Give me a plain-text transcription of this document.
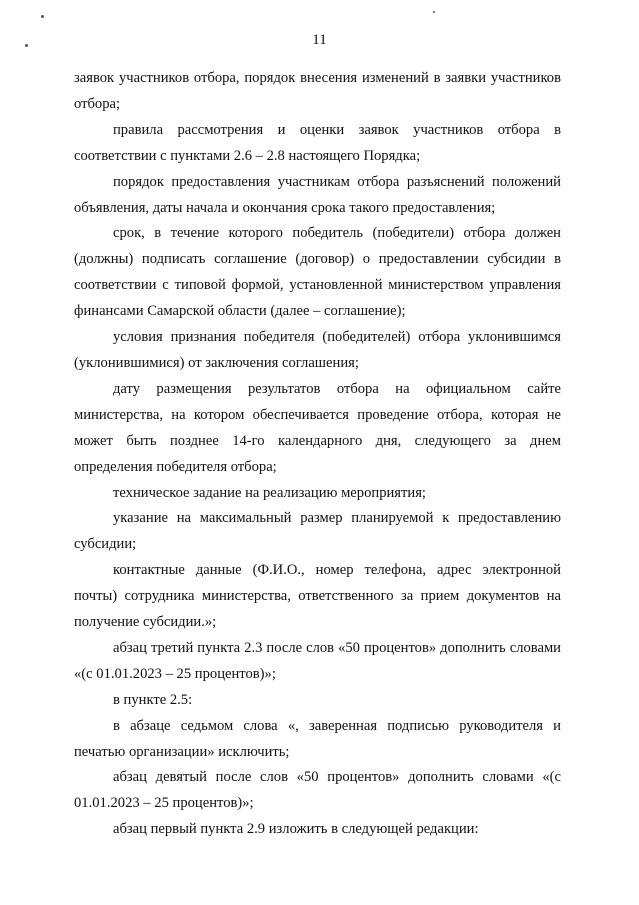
11

заявок участников отбора, порядок внесения изменений в заявки участников отбора;

правила рассмотрения и оценки заявок участников отбора в соответствии с пунктами 2.6 – 2.8 настоящего Порядка;

порядок предоставления участникам отбора разъяснений положений объявления, даты начала и окончания срока такого предоставления;

срок, в течение которого победитель (победители) отбора должен (должны) подписать соглашение (договор) о предоставлении субсидии в соответствии с типовой формой, установленной министерством управления финансами Самарской области (далее – соглашение);

условия признания победителя (победителей) отбора уклонившимся (уклонившимися) от заключения соглашения;

дату размещения результатов отбора на официальном сайте министерства, на котором обеспечивается проведение отбора, которая не может быть позднее 14-го календарного дня, следующего за днем определения победителя отбора;

техническое задание на реализацию мероприятия;

указание на максимальный размер планируемой к предоставлению субсидии;

контактные данные (Ф.И.О., номер телефона, адрес электронной почты) сотрудника министерства, ответственного за прием документов на получение субсидии.»;

абзац третий пункта 2.3 после слов «50 процентов» дополнить словами «(с 01.01.2023 – 25 процентов)»;

в пункте 2.5:

в абзаце седьмом слова «, заверенная подписью руководителя и печатью организации» исключить;

абзац девятый после слов «50 процентов» дополнить словами «(с 01.01.2023 – 25 процентов)»;

абзац первый пункта 2.9 изложить в следующей редакции:
